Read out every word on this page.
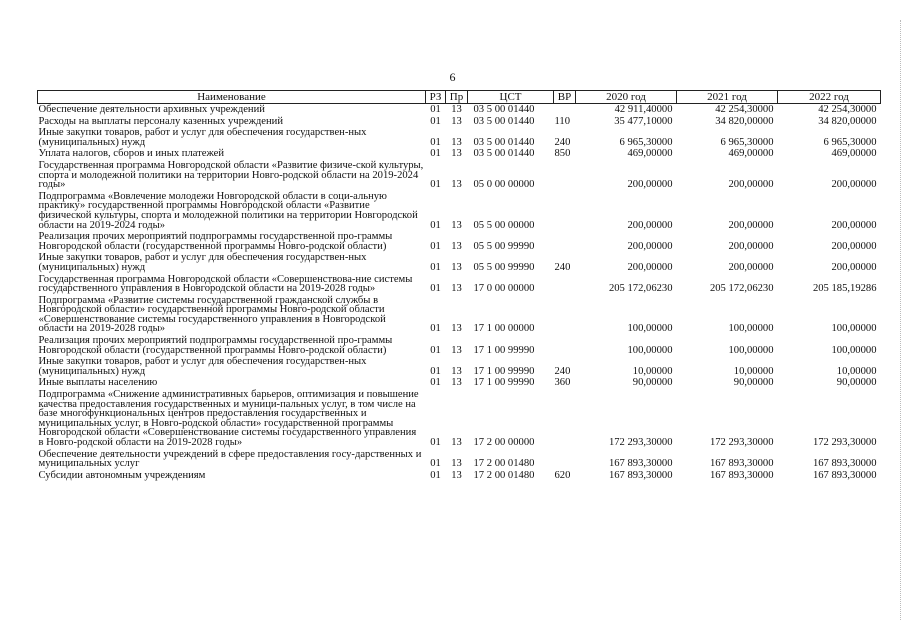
6
Наименование	РЗ	Пр	ЦСТ	ВР	2020 год	2021 год	2022 год
Обеспечение деятельности архивных учреждений	01	13	03 5 00 01440		42 911,40000	42 254,30000	42 254,30000
Расходы на выплаты персоналу казенных учреждений	01	13	03 5 00 01440	110	35 477,10000	34 820,00000	34 820,00000
Иные закупки товаров, работ и услуг для обеспечения государствен-ных (муниципальных) нужд	01	13	03 5 00 01440	240	6 965,30000	6 965,30000	6 965,30000
Уплата налогов, сборов и иных платежей	01	13	03 5 00 01440	850	469,00000	469,00000	469,00000
Государственная программа Новгородской области «Развитие физиче-ской культуры, спорта и молодежной политики на территории Новго-родской области на 2019-2024 годы»	01	13	05 0 00 00000		200,00000	200,00000	200,00000
Подпрограмма «Вовлечение молодежи Новгородской области в соци-альную практику» государственной программы Новгородской области «Развитие физической культуры, спорта и молодежной политики на территории Новгородской области на 2019-2024 годы»	01	13	05 5 00 00000		200,00000	200,00000	200,00000
Реализация прочих мероприятий подпрограммы государственной про-граммы Новгородской области (государственной программы Новго-родской области)	01	13	05 5 00 99990		200,00000	200,00000	200,00000
Иные закупки товаров, работ и услуг для обеспечения государствен-ных (муниципальных) нужд	01	13	05 5 00 99990	240	200,00000	200,00000	200,00000
Государственная программа Новгородской области «Совершенствова-ние системы государственного управления в Новгородской области на 2019-2028 годы»	01	13	17 0 00 00000		205 172,06230	205 172,06230	205 185,19286
Подпрограмма «Развитие системы государственной гражданской службы в Новгородской области» государственной программы Новго-родской области «Совершенствование системы государственного управления в Новгородской области на 2019-2028 годы»	01	13	17 1 00 00000		100,00000	100,00000	100,00000
Реализация прочих мероприятий подпрограммы государственной про-граммы Новгородской области (государственной программы Новго-родской области)	01	13	17 1 00 99990		100,00000	100,00000	100,00000
Иные закупки товаров, работ и услуг для обеспечения государствен-ных (муниципальных) нужд	01	13	17 1 00 99990	240	10,00000	10,00000	10,00000
Иные выплаты населению	01	13	17 1 00 99990	360	90,00000	90,00000	90,00000
Подпрограмма «Снижение административных барьеров, оптимизация и повышение качества предоставления государственных и муници-пальных услуг, в том числе на базе многофункциональных центров предоставления государственных и муниципальных услуг, в Новго-родской области» государственной программы Новгородской области «Совершенствование системы государственного управления в Новго-родской области на 2019-2028 годы»	01	13	17 2 00 00000		172 293,30000	172 293,30000	172 293,30000
Обеспечение деятельности учреждений в сфере предоставления госу-дарственных и муниципальных услуг	01	13	17 2 00 01480		167 893,30000	167 893,30000	167 893,30000
Субсидии автономным учреждениям	01	13	17 2 00 01480	620	167 893,30000	167 893,30000	167 893,30000
